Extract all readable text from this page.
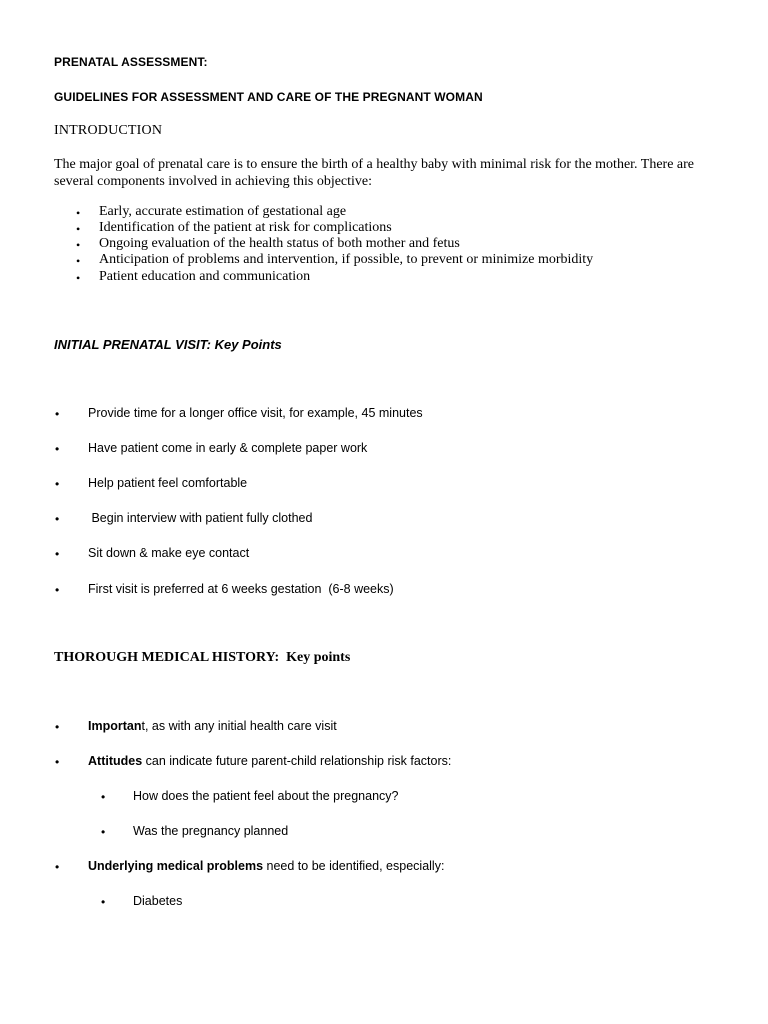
PRENATAL ASSESSMENT:
GUIDELINES FOR ASSESSMENT AND CARE OF THE PREGNANT WOMAN
INTRODUCTION
The major goal of prenatal care is to ensure the birth of a healthy baby with minimal risk for the mother. There are several components involved in achieving this objective:
• Early, accurate estimation of gestational age
• Identification of the patient at risk for complications
• Ongoing evaluation of the health status of both mother and fetus
• Anticipation of problems and intervention, if possible, to prevent or minimize morbidity
• Patient education and communication
INITIAL PRENATAL VISIT: Key Points
• Provide time for a longer office visit, for example, 45 minutes
• Have patient come in early & complete paper work
• Help patient feel comfortable
• Begin interview with patient fully clothed
• Sit down & make eye contact
• First visit is preferred at 6 weeks gestation  (6-8 weeks)
THOROUGH MEDICAL HISTORY:  Key points
• Important, as with any initial health care visit
• Attitudes can indicate future parent-child relationship risk factors:
• How does the patient feel about the pregnancy?
• Was the pregnancy planned
• Underlying medical problems need to be identified, especially:
• Diabetes
